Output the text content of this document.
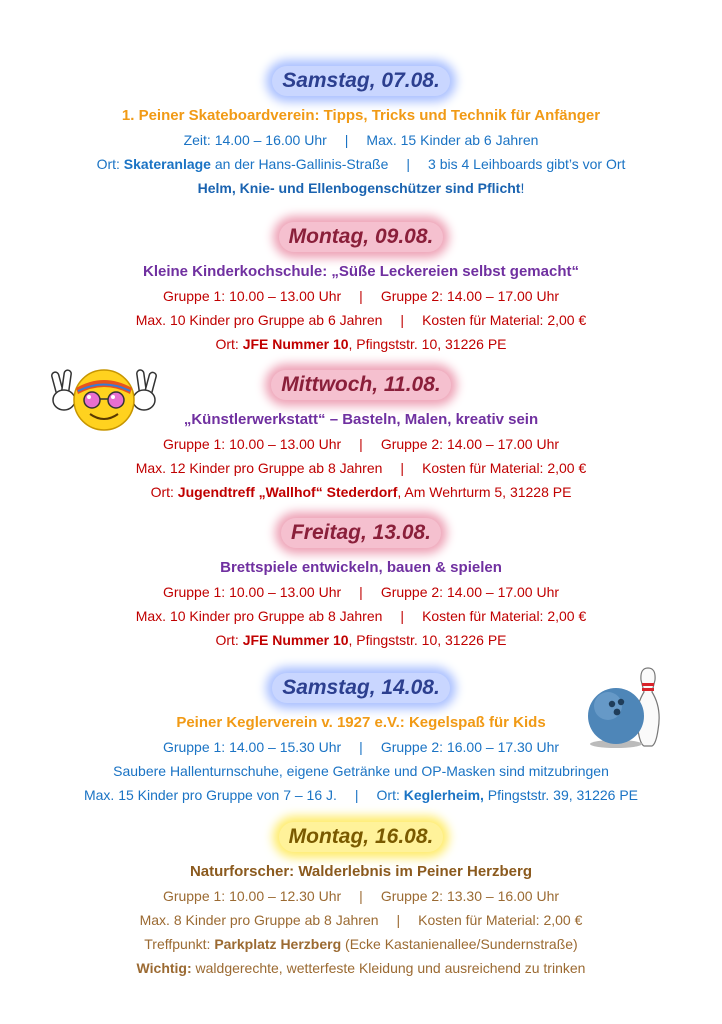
Samstag, 07.08.
1. Peiner Skateboardverein: Tipps, Tricks und Technik für Anfänger
Zeit: 14.00 – 16.00 Uhr | Max. 15 Kinder ab 6 Jahren
Ort: Skateranlage an der Hans-Gallinis-Straße | 3 bis 4 Leihboards gibt’s vor Ort
Helm, Knie- und Ellenbogenschützer sind Pflicht!
Montag, 09.08.
Kleine Kinderkochschule: „Süße Leckereien selbst gemacht“
Gruppe 1: 10.00 – 13.00 Uhr | Gruppe 2: 14.00 – 17.00 Uhr
Max. 10 Kinder pro Gruppe ab 6 Jahren | Kosten für Material: 2,00 €
Ort: JFE Nummer 10, Pfingststr. 10, 31226 PE
Mittwoch, 11.08.
„Künstlerwerkstatt“ – Basteln, Malen, kreativ sein
Gruppe 1: 10.00 – 13.00 Uhr | Gruppe 2: 14.00 – 17.00 Uhr
Max. 12 Kinder pro Gruppe ab 8 Jahren | Kosten für Material: 2,00 €
Ort: Jugendtreff „Wallhof“ Stederdorf, Am Wehrturm 5, 31228 PE
Freitag, 13.08.
Brettspiele entwickeln, bauen & spielen
Gruppe 1: 10.00 – 13.00 Uhr | Gruppe 2: 14.00 – 17.00 Uhr
Max. 10 Kinder pro Gruppe ab 8 Jahren | Kosten für Material: 2,00 €
Ort: JFE Nummer 10, Pfingststr. 10, 31226 PE
Samstag, 14.08.
Peiner Keglerverein v. 1927 e.V.: Kegelspaß für Kids
Gruppe 1: 14.00 – 15.30 Uhr | Gruppe 2: 16.00 – 17.30 Uhr
Saubere Hallenturnschuhe, eigene Getränke und OP-Masken sind mitzubringen
Max. 15 Kinder pro Gruppe von 7 – 16 J. | Ort: Keglerheim, Pfingststr. 39, 31226 PE
Montag, 16.08.
Naturforscher: Walderlebnis im Peiner Herzberg
Gruppe 1: 10.00 – 12.30 Uhr | Gruppe 2: 13.30 – 16.00 Uhr
Max. 8 Kinder pro Gruppe ab 8 Jahren | Kosten für Material: 2,00 €
Treffpunkt: Parkplatz Herzberg (Ecke Kastanienallee/Sundernstraße)
Wichtig: waldgerechte, wetterfeste Kleidung und ausreichend zu trinken
